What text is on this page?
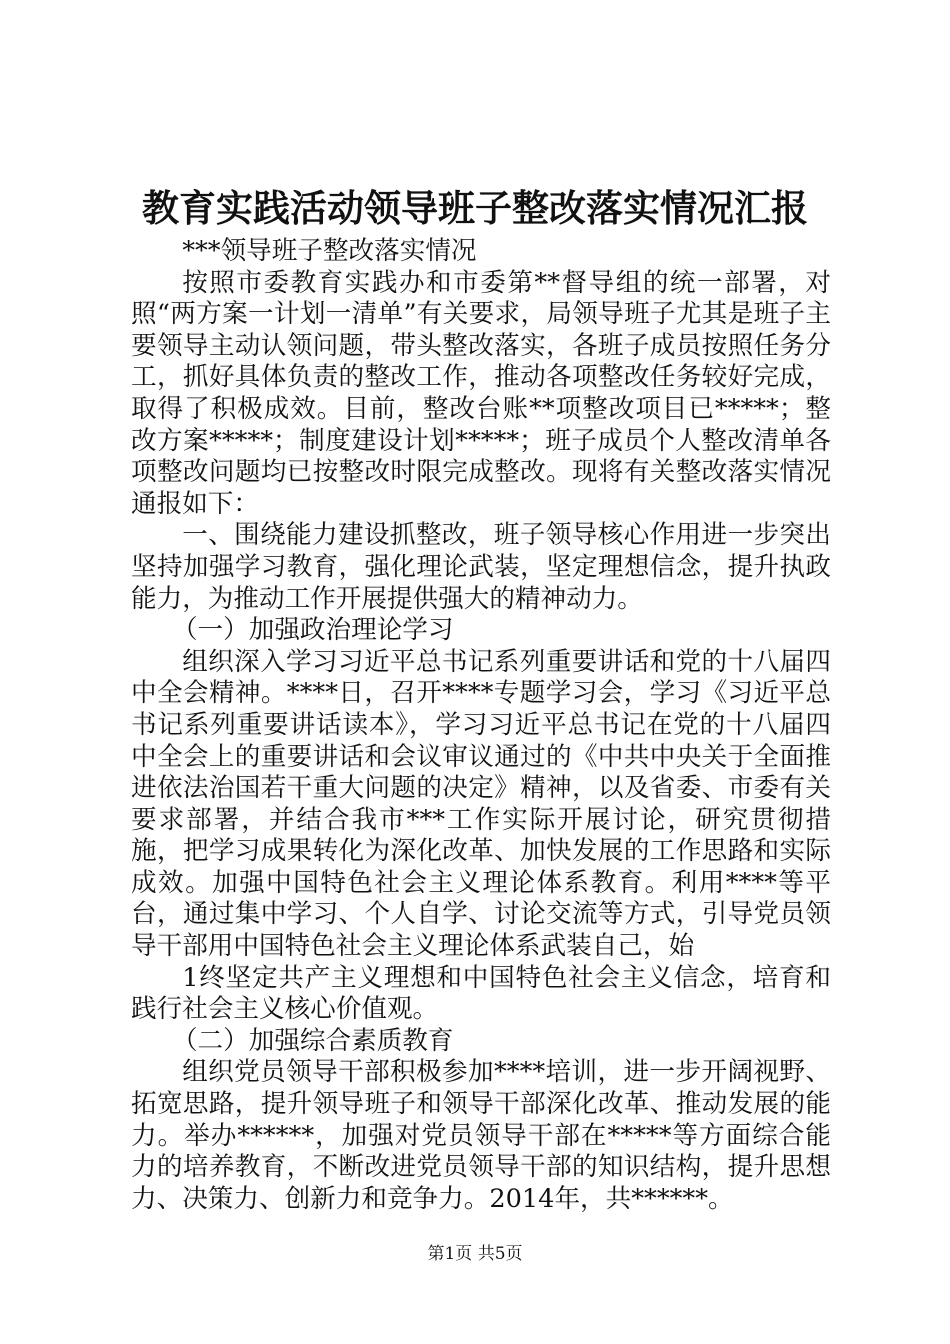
教育实践活动领导班子整改落实情况汇报

***领导班子整改落实情况

按照市委教育实践办和市委第**督导组的统一部署，对照“两方案一计划一清单”有关要求，局领导班子尤其是班子主要领导主动认领问题，带头整改落实，各班子成员按照任务分工，抓好具体负责的整改工作，推动各项整改任务较好完成，取得了积极成效。目前，整改台账**项整改项目已*****；整改方案*****；制度建设计划*****；班子成员个人整改清单各项整改问题均已按整改时限完成整改。现将有关整改落实情况通报如下：

一、围绕能力建设抓整改，班子领导核心作用进一步突出坚持加强学习教育，强化理论武装，坚定理想信念，提升执政能力，为推动工作开展提供强大的精神动力。

（一）加强政治理论学习

组织深入学习习近平总书记系列重要讲话和党的十八届四中全会精神。****日，召开****专题学习会，学习《习近平总书记系列重要讲话读本》，学习习近平总书记在党的十八届四中全会上的重要讲话和会议审议通过的《中共中央关于全面推进依法治国若干重大问题的决定》精神，以及省委、市委有关要求部署，并结合我市***工作实际开展讨论，研究贯彻措施，把学习成果转化为深化改革、加快发展的工作思路和实际成效。加强中国特色社会主义理论体系教育。利用****等平台，通过集中学习、个人自学、讨论交流等方式，引导党员领导干部用中国特色社会主义理论体系武装自己，始

1终坚定共产主义理想和中国特色社会主义信念，培育和践行社会主义核心价值观。

（二）加强综合素质教育

组织党员领导干部积极参加****培训，进一步开阔视野、拓宽思路，提升领导班子和领导干部深化改革、推动发展的能力。举办******，加强对党员领导干部在*****等方面综合能力的培养教育，不断改进党员领导干部的知识结构，提升思想力、决策力、创新力和竞争力。2014年，共******。

第1页 共5页
